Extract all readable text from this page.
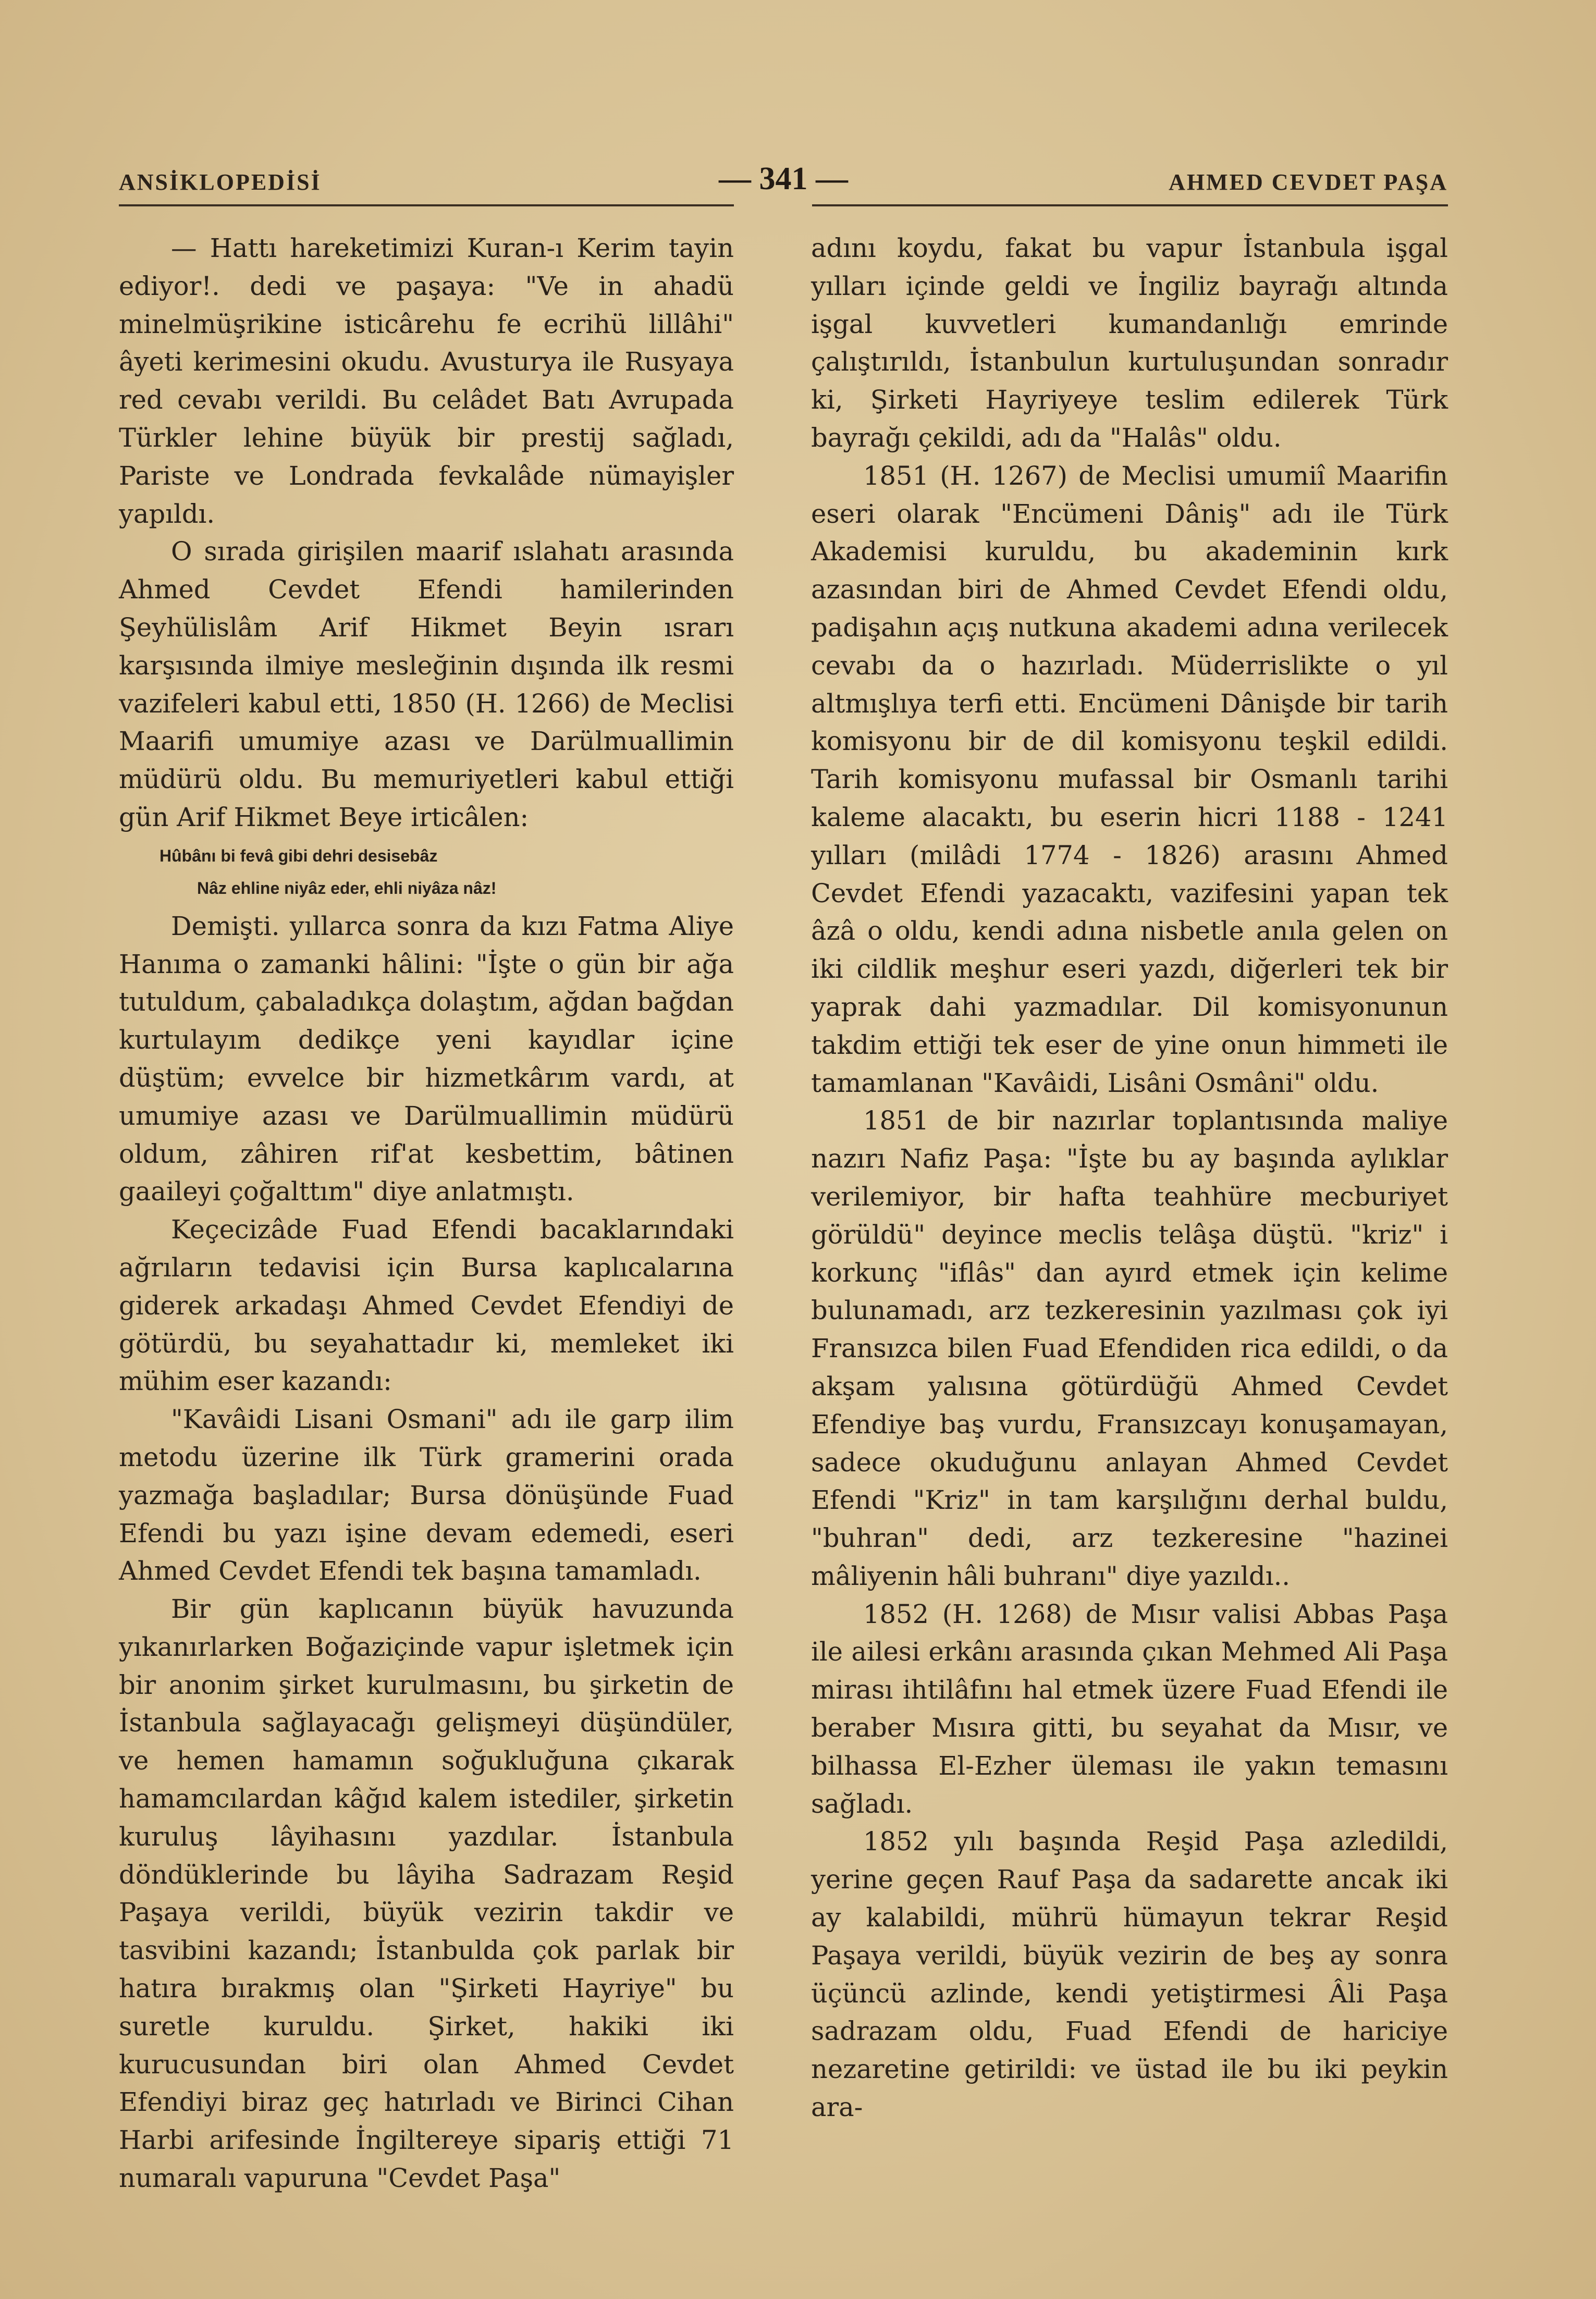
ANSİKLOPEDİSİ	— 341 —	AHMED CEVDET PAŞA

— Hattı hareketimizi Kuran-ı Kerim tayin ediyor!. dedi ve paşaya: "Ve in ahadü minelmüşrikine isticârehu fe ecrihü lillâhi" âyeti kerimesini okudu. Avusturya ile Rusyaya red cevabı verildi. Bu celâdet Batı Avrupada Türkler lehine büyük bir prestij sağladı, Pariste ve Londrada fevkalâde nümayişler yapıldı.

O sırada girişilen maarif ıslahatı arasında Ahmed Cevdet Efendi hamilerinden Şeyhülislâm Arif Hikmet Beyin ısrarı karşısında ilmiye mesleğinin dışında ilk resmi vazifeleri kabul etti, 1850 (H. 1266) de Meclisi Maarifi umumiye azası ve Darülmuallimin müdürü oldu. Bu memuriyetleri kabul ettiği gün Arif Hikmet Beye irticâlen:

Hûbânı bi fevâ gibi dehri desisebâz
Nâz ehline niyâz eder, ehli niyâza nâz!

Demişti. yıllarca sonra da kızı Fatma Aliye Hanıma o zamanki hâlini: "İşte o gün bir ağa tutuldum, çabaladıkça dolaştım, ağdan bağdan kurtulayım dedikçe yeni kayıdlar içine düştüm; evvelce bir hizmetkârım vardı, at umumiye azası ve Darülmuallimin müdürü oldum, zâhiren rif'at kesbettim, bâtinen gaaileyi çoğalttım" diye anlatmıştı.

Keçecizâde Fuad Efendi bacaklarındaki ağrıların tedavisi için Bursa kaplıcalarına giderek arkadaşı Ahmed Cevdet Efendiyi de götürdü, bu seyahattadır ki, memleket iki mühim eser kazandı:

"Kavâidi Lisani Osmani" adı ile garp ilim metodu üzerine ilk Türk gramerini orada yazmağa başladılar; Bursa dönüşünde Fuad Efendi bu yazı işine devam edemedi, eseri Ahmed Cevdet Efendi tek başına tamamladı.

Bir gün kaplıcanın büyük havuzunda yıkanırlarken Boğaziçinde vapur işletmek için bir anonim şirket kurulmasını, bu şirketin de İstanbula sağlayacağı gelişmeyi düşündüler, ve hemen hamamın soğukluğuna çıkarak hamamcılardan kâğıd kalem istediler, şirketin kuruluş lâyihasını yazdılar. İstanbula döndüklerinde bu lâyiha Sadrazam Reşid Paşaya verildi, büyük vezirin takdir ve tasvibini kazandı; İstanbulda çok parlak bir hatıra bırakmış olan "Şirketi Hayriye" bu suretle kuruldu. Şirket, hakiki iki kurucusundan biri olan Ahmed Cevdet Efendiyi biraz geç hatırladı ve Birinci Cihan Harbi arifesinde İngiltereye sipariş ettiği 71 numaralı vapuruna "Cevdet Paşa"

adını koydu, fakat bu vapur İstanbula işgal yılları içinde geldi ve İngiliz bayrağı altında işgal kuvvetleri kumandanlığı emrinde çalıştırıldı, İstanbulun kurtuluşundan sonradır ki, Şirketi Hayriyeye teslim edilerek Türk bayrağı çekildi, adı da "Halâs" oldu.

1851 (H. 1267) de Meclisi umumiî Maarifin eseri olarak "Encümeni Dâniş" adı ile Türk Akademisi kuruldu, bu akademinin kırk azasından biri de Ahmed Cevdet Efendi oldu, padişahın açış nutkuna akademi adına verilecek cevabı da o hazırladı. Müderrislikte o yıl altmışlıya terfi etti. Encümeni Dânişde bir tarih komisyonu bir de dil komisyonu teşkil edildi. Tarih komisyonu mufassal bir Osmanlı tarihi kaleme alacaktı, bu eserin hicri 1188 - 1241 yılları (milâdi 1774 - 1826) arasını Ahmed Cevdet Efendi yazacaktı, vazifesini yapan tek âzâ o oldu, kendi adına nisbetle anıla gelen on iki cildlik meşhur eseri yazdı, diğerleri tek bir yaprak dahi yazmadılar. Dil komisyonunun takdim ettiği tek eser de yine onun himmeti ile tamamlanan "Kavâidi, Lisâni Osmâni" oldu.

1851 de bir nazırlar toplantısında maliye nazırı Nafiz Paşa: "İşte bu ay başında aylıklar verilemiyor, bir hafta teahhüre mecburiyet görüldü" deyince meclis telâşa düştü. "kriz" i korkunç "iflâs" dan ayırd etmek için kelime bulunamadı, arz tezkeresinin yazılması çok iyi Fransızca bilen Fuad Efendiden rica edildi, o da akşam yalısına götürdüğü Ahmed Cevdet Efendiye baş vurdu, Fransızcayı konuşamayan, sadece okuduğunu anlayan Ahmed Cevdet Efendi "Kriz" in tam karşılığını derhal buldu, "buhran" dedi, arz tezkeresine "hazinei mâliyenin hâli buhranı" diye yazıldı..

1852 (H. 1268) de Mısır valisi Abbas Paşa ile ailesi erkânı arasında çıkan Mehmed Ali Paşa mirası ihtilâfını hal etmek üzere Fuad Efendi ile beraber Mısıra gitti, bu seyahat da Mısır, ve bilhassa El-Ezher üleması ile yakın temasını sağladı.

1852 yılı başında Reşid Paşa azledildi, yerine geçen Rauf Paşa da sadarette ancak iki ay kalabildi, mührü hümayun tekrar Reşid Paşaya verildi, büyük vezirin de beş ay sonra üçüncü azlinde, kendi yetiştirmesi Âli Paşa sadrazam oldu, Fuad Efendi de hariciye nezaretine getirildi: ve üstad ile bu iki peykin ara-
